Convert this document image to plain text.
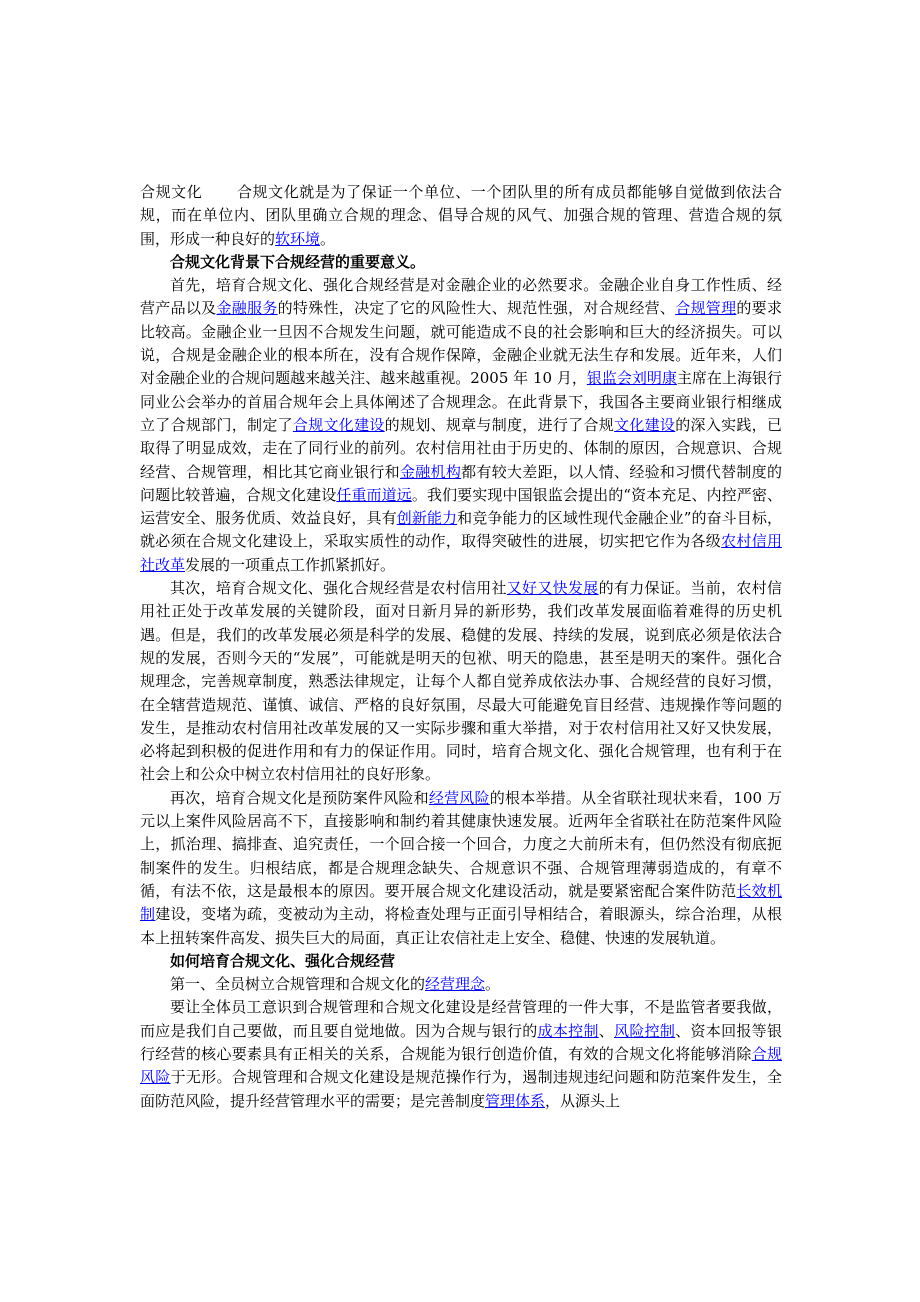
合规文化 合规文化就是为了保证一个单位、一个团队里的所有成员都能够自觉做到依法合规，而在单位内、团队里确立合规的理念、倡导合规的风气、加强合规的管理、营造合规的氛围，形成一种良好的软环境。

合规文化背景下合规经营的重要意义。

首先，培育合规文化、强化合规经营是对金融企业的必然要求。金融企业自身工作性质、经营产品以及金融服务的特殊性，决定了它的风险性大、规范性强，对合规经营、合规管理的要求比较高。金融企业一旦因不合规发生问题，就可能造成不良的社会影响和巨大的经济损失。可以说，合规是金融企业的根本所在，没有合规作保障，金融企业就无法生存和发展。近年来，人们对金融企业的合规问题越来越关注、越来越重视。2005 年 10 月，银监会刘明康主席在上海银行同业公会举办的首届合规年会上具体阐述了合规理念。在此背景下，我国各主要商业银行相继成立了合规部门，制定了合规文化建设的规划、规章与制度，进行了合规文化建设的深入实践，已取得了明显成效，走在了同行业的前列。农村信用社由于历史的、体制的原因，合规意识、合规经营、合规管理，相比其它商业银行和金融机构都有较大差距，以人情、经验和习惯代替制度的问题比较普遍，合规文化建设任重而道远。我们要实现中国银监会提出的“资本充足、内控严密、运营安全、服务优质、效益良好，具有创新能力和竞争能力的区域性现代金融企业”的奋斗目标，就必须在合规文化建设上，采取实质性的动作，取得突破性的进展，切实把它作为各级农村信用社改革发展的一项重点工作抓紧抓好。

其次，培育合规文化、强化合规经营是农村信用社又好又快发展的有力保证。当前，农村信用社正处于改革发展的关键阶段，面对日新月异的新形势，我们改革发展面临着难得的历史机遇。但是，我们的改革发展必须是科学的发展、稳健的发展、持续的发展，说到底必须是依法合规的发展，否则今天的“发展”，可能就是明天的包袱、明天的隐患，甚至是明天的案件。强化合规理念，完善规章制度，熟悉法律规定，让每个人都自觉养成依法办事、合规经营的良好习惯，在全辖营造规范、谨慎、诚信、严格的良好氛围，尽最大可能避免盲目经营、违规操作等问题的发生，是推动农村信用社改革发展的又一实际步骤和重大举措，对于农村信用社又好又快发展，必将起到积极的促进作用和有力的保证作用。同时，培育合规文化、强化合规管理，也有利于在社会上和公众中树立农村信用社的良好形象。

再次，培育合规文化是预防案件风险和经营风险的根本举措。从全省联社现状来看，100 万元以上案件风险居高不下，直接影响和制约着其健康快速发展。近两年全省联社在防范案件风险上，抓治理、搞排查、追究责任，一个回合接一个回合，力度之大前所未有，但仍然没有彻底扼制案件的发生。归根结底，都是合规理念缺失、合规意识不强、合规管理薄弱造成的，有章不循，有法不依，这是最根本的原因。要开展合规文化建设活动，就是要紧密配合案件防范长效机制建设，变堵为疏，变被动为主动，将检查处理与正面引导相结合，着眼源头，综合治理，从根本上扭转案件高发、损失巨大的局面，真正让农信社走上安全、稳健、快速的发展轨道。

如何培育合规文化、强化合规经营

第一、全员树立合规管理和合规文化的经营理念。

要让全体员工意识到合规管理和合规文化建设是经营管理的一件大事，不是监管者要我做，而应是我们自己要做，而且要自觉地做。因为合规与银行的成本控制、风险控制、资本回报等银行经营的核心要素具有正相关的关系，合规能为银行创造价值，有效的合规文化将能够消除合规风险于无形。合规管理和合规文化建设是规范操作行为，遏制违规违纪问题和防范案件发生，全面防范风险，提升经营管理水平的需要；是完善制度管理体系，从源头上
